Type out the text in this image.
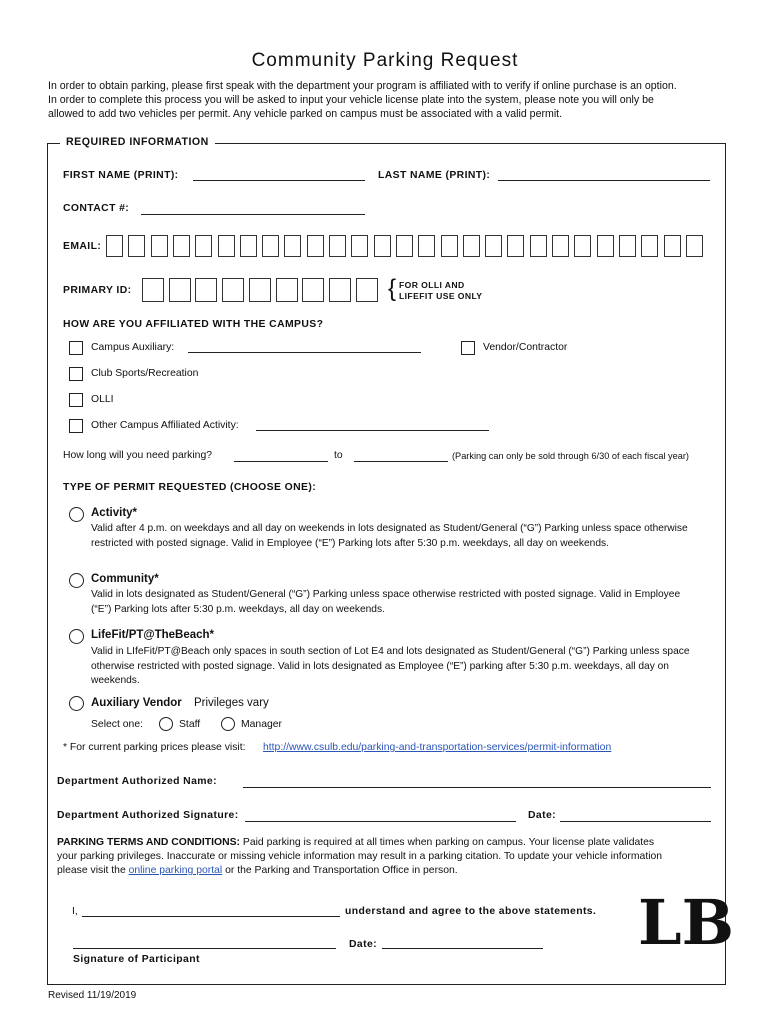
Community Parking Request
In order to obtain parking, please first speak with the department your program is affiliated with to verify if online purchase is an option.
In order to complete this process you will be asked to input your vehicle license plate into the system, please note you will only be
allowed to add two vehicles per permit. Any vehicle parked on campus must be associated with a valid permit.
REQUIRED INFORMATION
FIRST NAME (PRINT):	LAST NAME (PRINT):
CONTACT #:
EMAIL:
PRIMARY ID:	{ FOR OLLI AND
LIFEFIT USE ONLY
HOW ARE YOU AFFILIATED WITH THE CAMPUS?
Campus Auxiliary:	Vendor/Contractor
Club Sports/Recreation
OLLI
Other Campus Affiliated Activity:
How long will you need parking?	to	(Parking can only be sold through 6/30 of each fiscal year)
TYPE OF PERMIT REQUESTED (CHOOSE ONE):
Activity*
Valid after 4 p.m. on weekdays and all day on weekends in lots designated as Student/General (“G”) Parking unless space otherwise restricted with posted signage. Valid in Employee (“E”) Parking lots after 5:30 p.m. weekdays, all day on weekends.
Community*
Valid in lots designated as Student/General (“G”) Parking unless space otherwise restricted with posted signage. Valid in Employee (“E”) Parking lots after 5:30 p.m. weekdays, all day on weekends.
LifeFit/PT@TheBeach*
Valid in LIfeFit/PT@Beach only spaces in south section of Lot E4 and lots designated as Student/General (“G”) Parking unless space otherwise restricted with posted signage. Valid in lots designated as Employee (“E”) parking after 5:30 p.m. weekdays, all day on weekends.
Auxiliary Vendor Privileges vary
Select one:	Staff	Manager
* For current parking prices please visit: http://www.csulb.edu/parking-and-transportation-services/permit-information
Department Authorized Name:
Department Authorized Signature:	Date:
PARKING TERMS AND CONDITIONS: Paid parking is required at all times when parking on campus. Your license plate validates
your parking privileges. Inaccurate or missing vehicle information may result in a parking citation. To update your vehicle information
please visit the online parking portal or the Parking and Transportation Office in person.
I,	understand and agree to the above statements.
Date:
Signature of Participant
LB
Revised 11/19/2019
